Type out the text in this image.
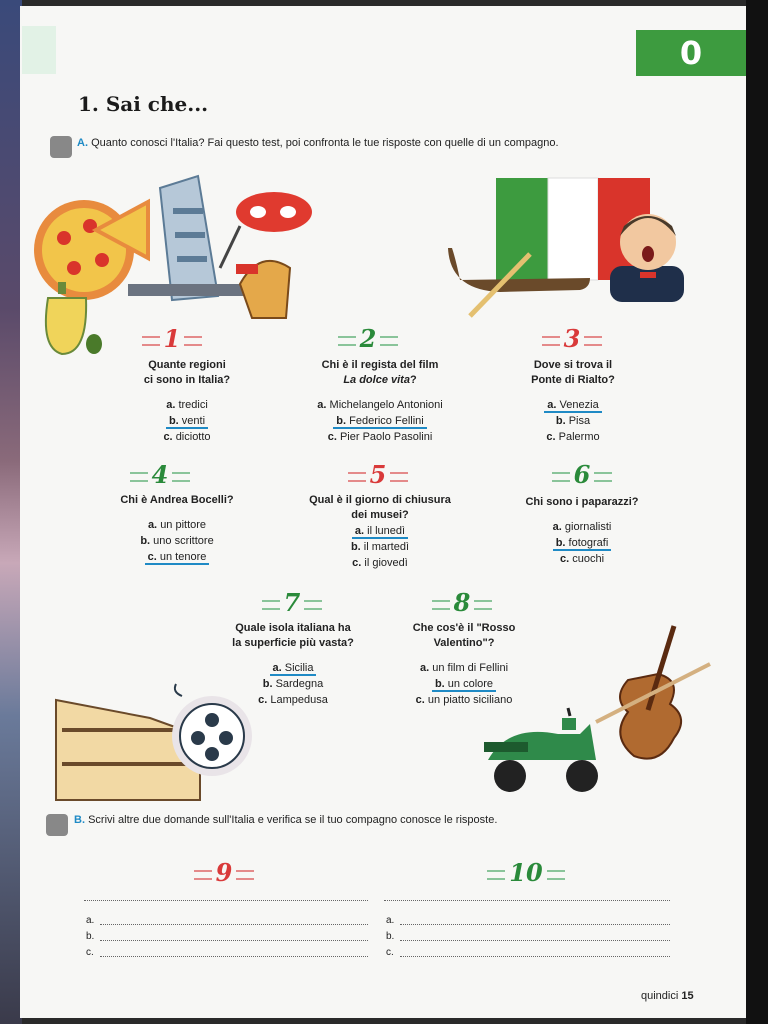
0
1. Sai che...
A. Quanto conosci l'Italia? Fai questo test, poi confronta le tue risposte con quelle di un compagno.
1	2	3
4	5	6
7	8
Quante regioni
ci sono in Italia?
a. tredici
b. venti
c. diciotto
Chi è il regista del film
La dolce vita?
a. Michelangelo Antonioni
b. Federico Fellini
c. Pier Paolo Pasolini
Dove si trova il
Ponte di Rialto?
a. Venezia
b. Pisa
c. Palermo
Chi è Andrea Bocelli?
a. un pittore
b. uno scrittore
c. un tenore
Qual è il giorno di chiusura
dei musei?
a. il lunedì
b. il martedì
c. il giovedì
Chi sono i paparazzi?
a. giornalisti
b. fotografi
c. cuochi
Quale isola italiana ha
la superficie più vasta?
a. Sicilia
b. Sardegna
c. Lampedusa
Che cos'è il "Rosso
Valentino"?
a. un film di Fellini
b. un colore
c. un piatto siciliano
B. Scrivi altre due domande sull'Italia e verifica se il tuo compagno conosce le risposte.
9	10
a.
b.
c.
a.
b.
c.
quindici 15
